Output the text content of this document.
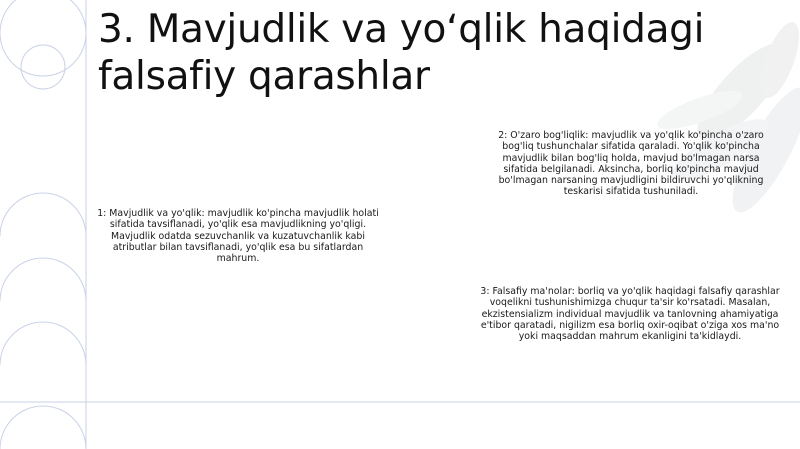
3. Mavjudlik va yo‘qlik haqidagi
falsafiy qarashlar

2: O'zaro bog'liqlik: mavjudlik va yo'qlik ko'pincha o'zaro bog'liq tushunchalar sifatida qaraladi. Yo'qlik ko'pincha mavjudlik bilan bog'liq holda, mavjud bo'lmagan narsa sifatida belgilanadi. Aksincha, borliq ko'pincha mavjud bo'lmagan narsaning mavjudligini bildiruvchi yo'qlikning teskarisi sifatida tushuniladi.

1: Mavjudlik va yo'qlik: mavjudlik ko'pincha mavjudlik holati sifatida tavsiflanadi, yo'qlik esa mavjudlikning yo'qligi. Mavjudlik odatda sezuvchanlik va kuzatuvchanlik kabi atributlar bilan tavsiflanadi, yo'qlik esa bu sifatlardan mahrum.

3: Falsafiy ma'nolar: borliq va yo'qlik haqidagi falsafiy qarashlar voqelikni tushunishimizga chuqur ta'sir ko'rsatadi. Masalan, ekzistensializm individual mavjudlik va tanlovning ahamiyatiga e'tibor qaratadi, nigilizm esa borliq oxir-oqibat o'ziga xos ma'no yoki maqsaddan mahrum ekanligini ta'kidlaydi.
